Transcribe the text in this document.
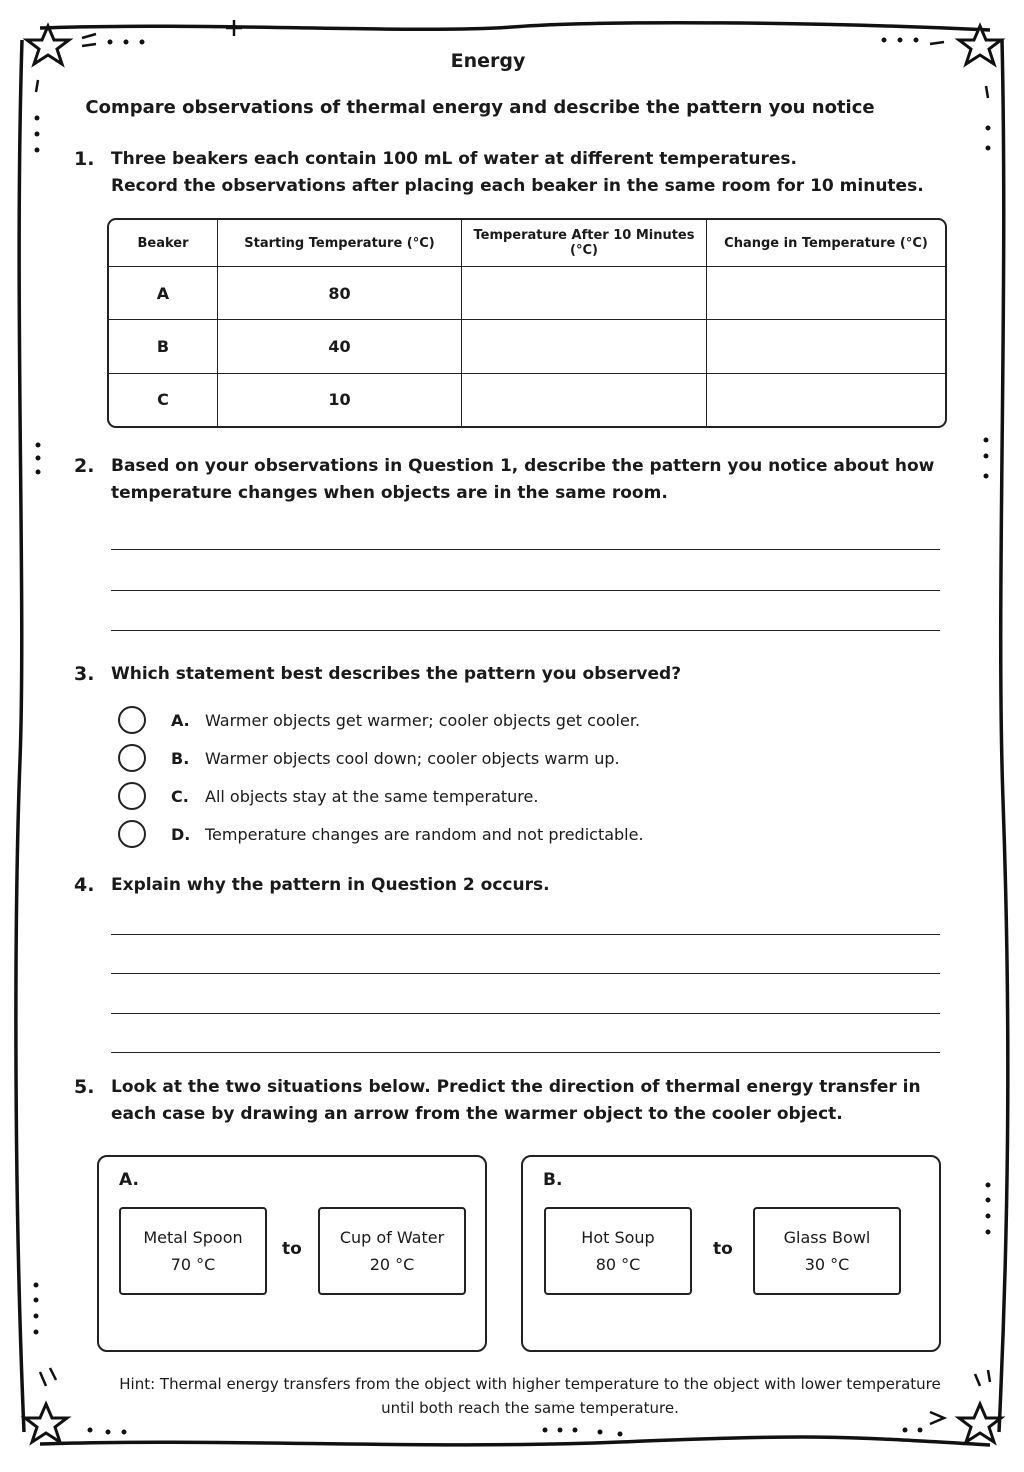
Energy
Compare observations of thermal energy and describe the pattern you notice
1. Three beakers each contain 100 mL of water at different temperatures.
Record the observations after placing each beaker in the same room for 10 minutes.
Beaker	Starting Temperature (°C)	Temperature After 10 Minutes (°C)	Change in Temperature (°C)
A	80		
B	40		
C	10		
2. Based on your observations in Question 1, describe the pattern you notice about how
temperature changes when objects are in the same room.
3. Which statement best describes the pattern you observed?
A. Warmer objects get warmer; cooler objects get cooler.
B. Warmer objects cool down; cooler objects warm up.
C.	All objects stay at the same temperature.
D. Temperature changes are random and not predictable.
4. Explain why the pattern in Question 2 occurs.
5. Look at the two situations below. Predict the direction of thermal energy transfer in
each case by drawing an arrow from the warmer object to the cooler object.
A.
Metal Spoon
70 °C
to
Cup of Water
20 °C
B.
Hot Soup
80 °C
to
Glass Bowl
30 °C
Hint: Thermal energy transfers from the object with higher temperature to the object with lower temperature
until both reach the same temperature.
